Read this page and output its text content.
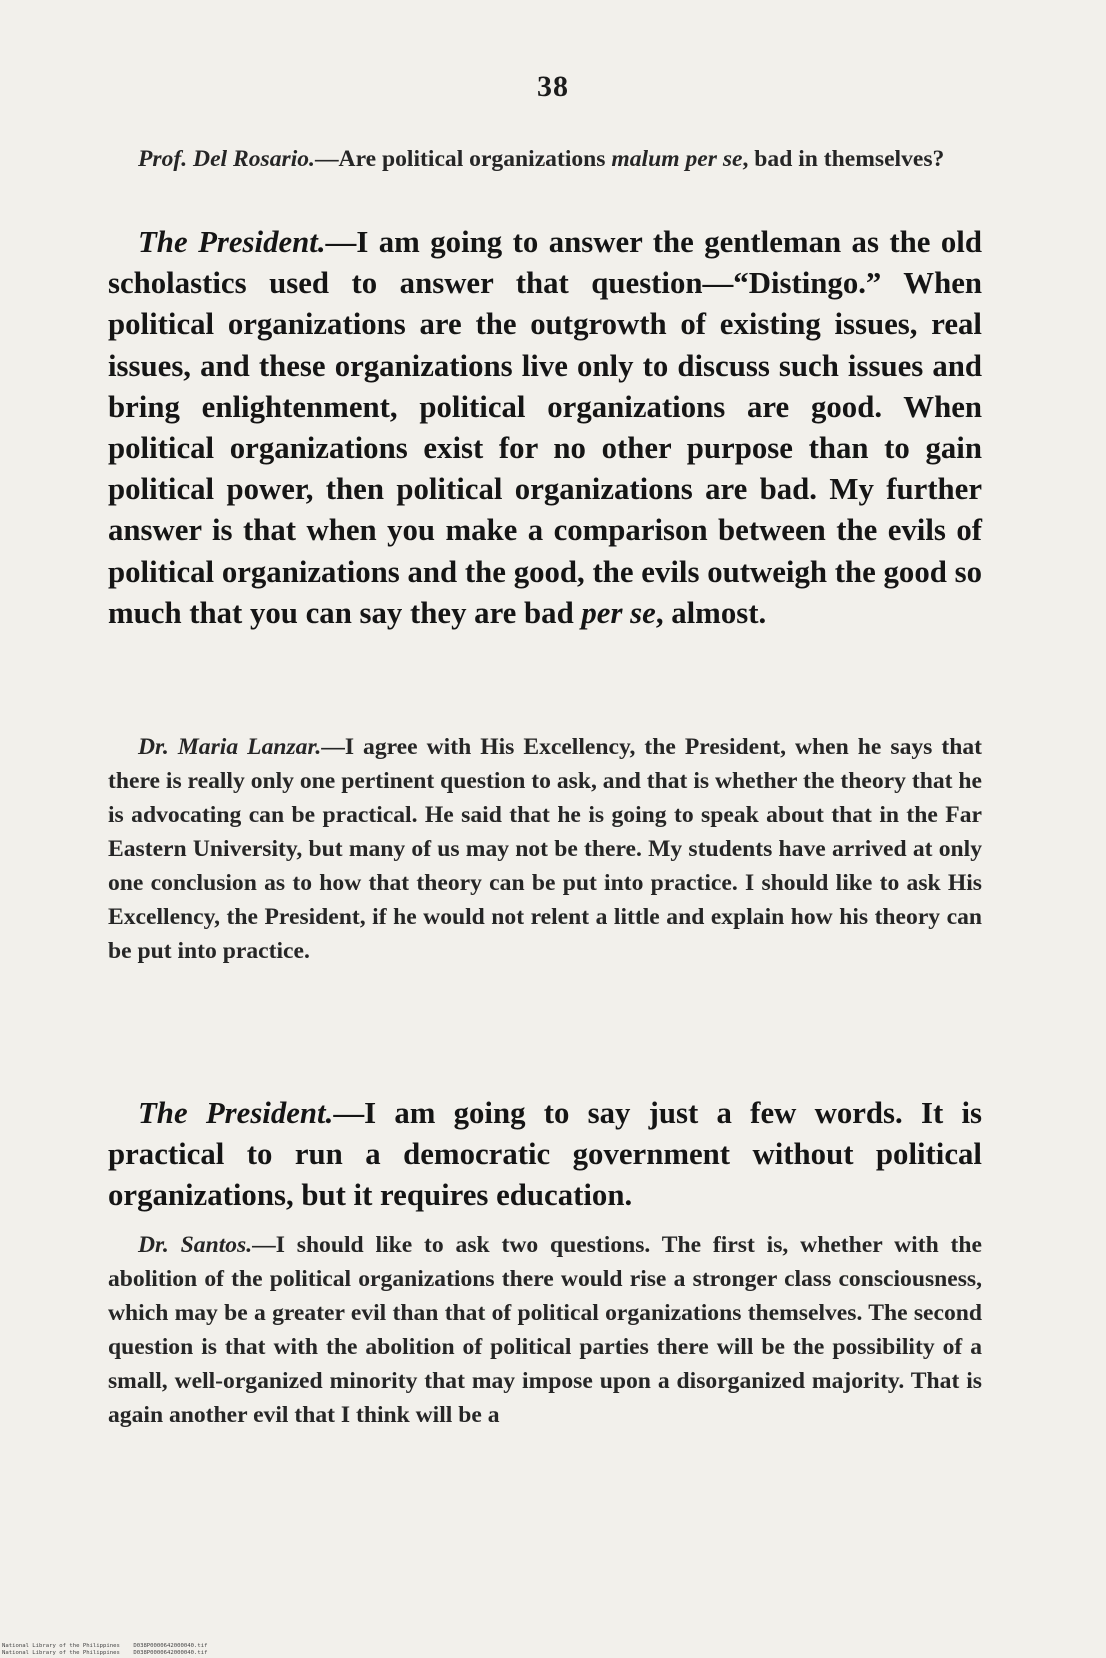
38

Prof. Del Rosario.—Are political organizations malum per se, bad in themselves?

The President.—I am going to answer the gentleman as the old scholastics used to answer that question—“Distingo.” When political organizations are the outgrowth of existing issues, real issues, and these organizations live only to discuss such issues and bring enlightenment, political organizations are good. When political organizations exist for no other purpose than to gain political power, then political organizations are bad. My further answer is that when you make a comparison between the evils of political organizations and the good, the evils outweigh the good so much that you can say they are bad per se, almost.

Dr. Maria Lanzar.—I agree with His Excellency, the President, when he says that there is really only one pertinent question to ask, and that is whether the theory that he is advocating can be practical. He said that he is going to speak about that in the Far Eastern University, but many of us may not be there. My students have arrived at only one conclusion as to how that theory can be put into practice. I should like to ask His Excellency, the President, if he would not relent a little and explain how his theory can be put into practice.

The President.—I am going to say just a few words. It is practical to run a democratic government without political organizations, but it requires education.

Dr. Santos.—I should like to ask two questions. The first is, whether with the abolition of the political organizations there would rise a stronger class consciousness, which may be a greater evil than that of political organizations themselves. The second question is that with the abolition of political parties there will be the possibility of a small, well-organized minority that may impose upon a disorganized majority. That is again another evil that I think will be a

National Library of the Philippines    D038P0000642000040.tif
National Library of the Philippines    D038P0000642000040.tif
